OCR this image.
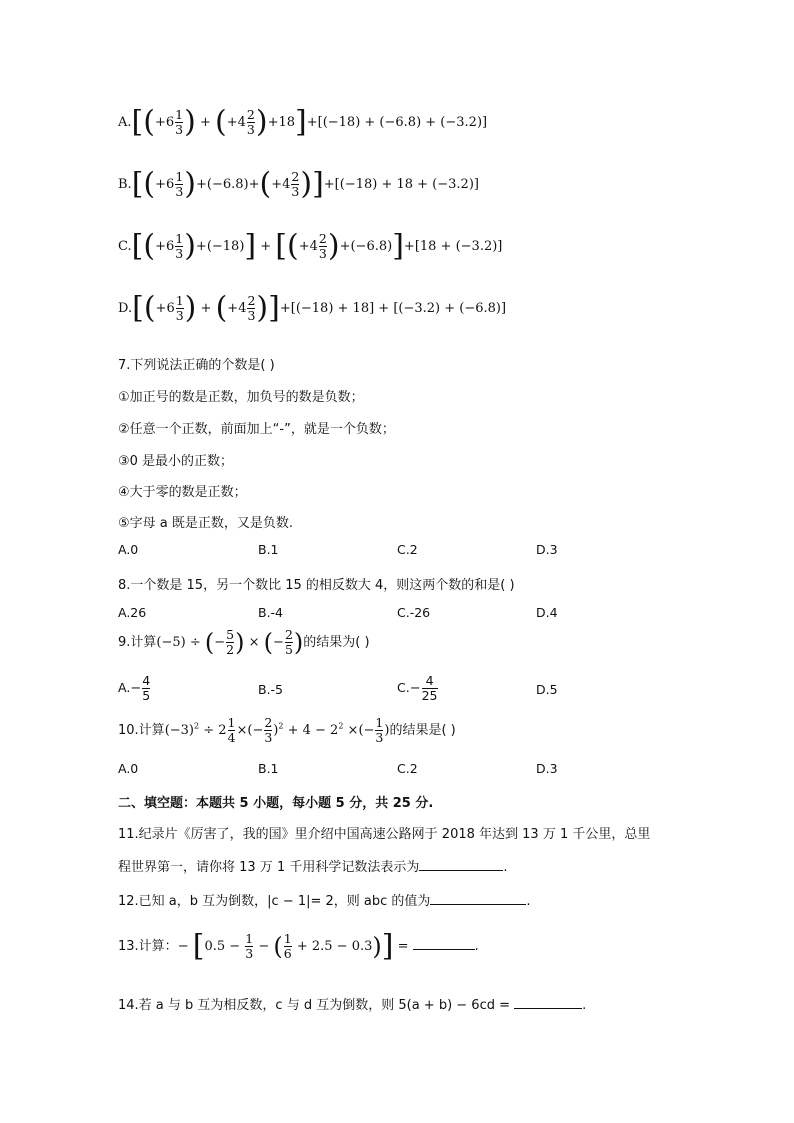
$A.[(+6 \frac{1}{3}$ ) + $(+4 \frac{2}{3} )+18]+[(-18) + (-6.8) + (-3.2)]$
$B.[(+6 \frac{1}{3} )+(-6.8)+(+4 \frac{2}{3} )]+[(-18) + 18 + (-3.2)]$
$C.[(+6 \frac{1}{3} )+(-18)] + [(+4 \frac{2}{3} )+(-6.8)]+[18 + (-3.2)]$
$D.[(+6 \frac{1}{3}$ ) + $(+4 \frac{2}{3} )]+[(-18) + 18] + [(-3.2) + (-6.8)]$
7.下列说法正确的个数是( )
①加正号的数是正数，加负号的数是负数；
②任意一个正数，前面加上“-”，就是一个负数；
③0 是最小的正数；
④大于零的数是正数；
⑤字母 a 既是正数，又是负数.
A.0	B.1	C.2	D.3
8.一个数是 15，另一个数比 15 的相反数大 4，则这两个数的和是( )
A.26	B.-4	C.-26	D.4
9.计算(−5) ÷ (− $\frac{5}{2}$ ) × (− $\frac{2}{5}$ )的结果为( )
$A.- \frac{4}{5}$	B.-5	$C.- \frac{4}{25}$	D.5
10.计算$(-3)^2 \div 2 \frac{1}{4}$ ×(− $\frac{2}{3} )^2 + 4 - 2^2$ ×(− $\frac{1}{3}$ )的结果是( )
A.0	B.1	C.2	D.3
二、填空题：本题共 5 小题，每小题 5 分，共 25 分.
11.纪录片《厉害了，我的国》里介绍中国高速公路网于 2018 年达到 13 万 1 千公里，总里
程世界第一，请你将 13 万 1 千用科学记数法表示为	.
12.已知 a，b 互为倒数，|c − 1|= 2，则 abc 的值为	.
13.计算：− [$0.5 - \frac{1}{3}$ − ( $\frac{1}{6} + 2.5 - 0.3$)] =	.
14.若 a 与 b 互为相反数，c 与 d 互为倒数，则 5(a + b) − 6cd =	.
